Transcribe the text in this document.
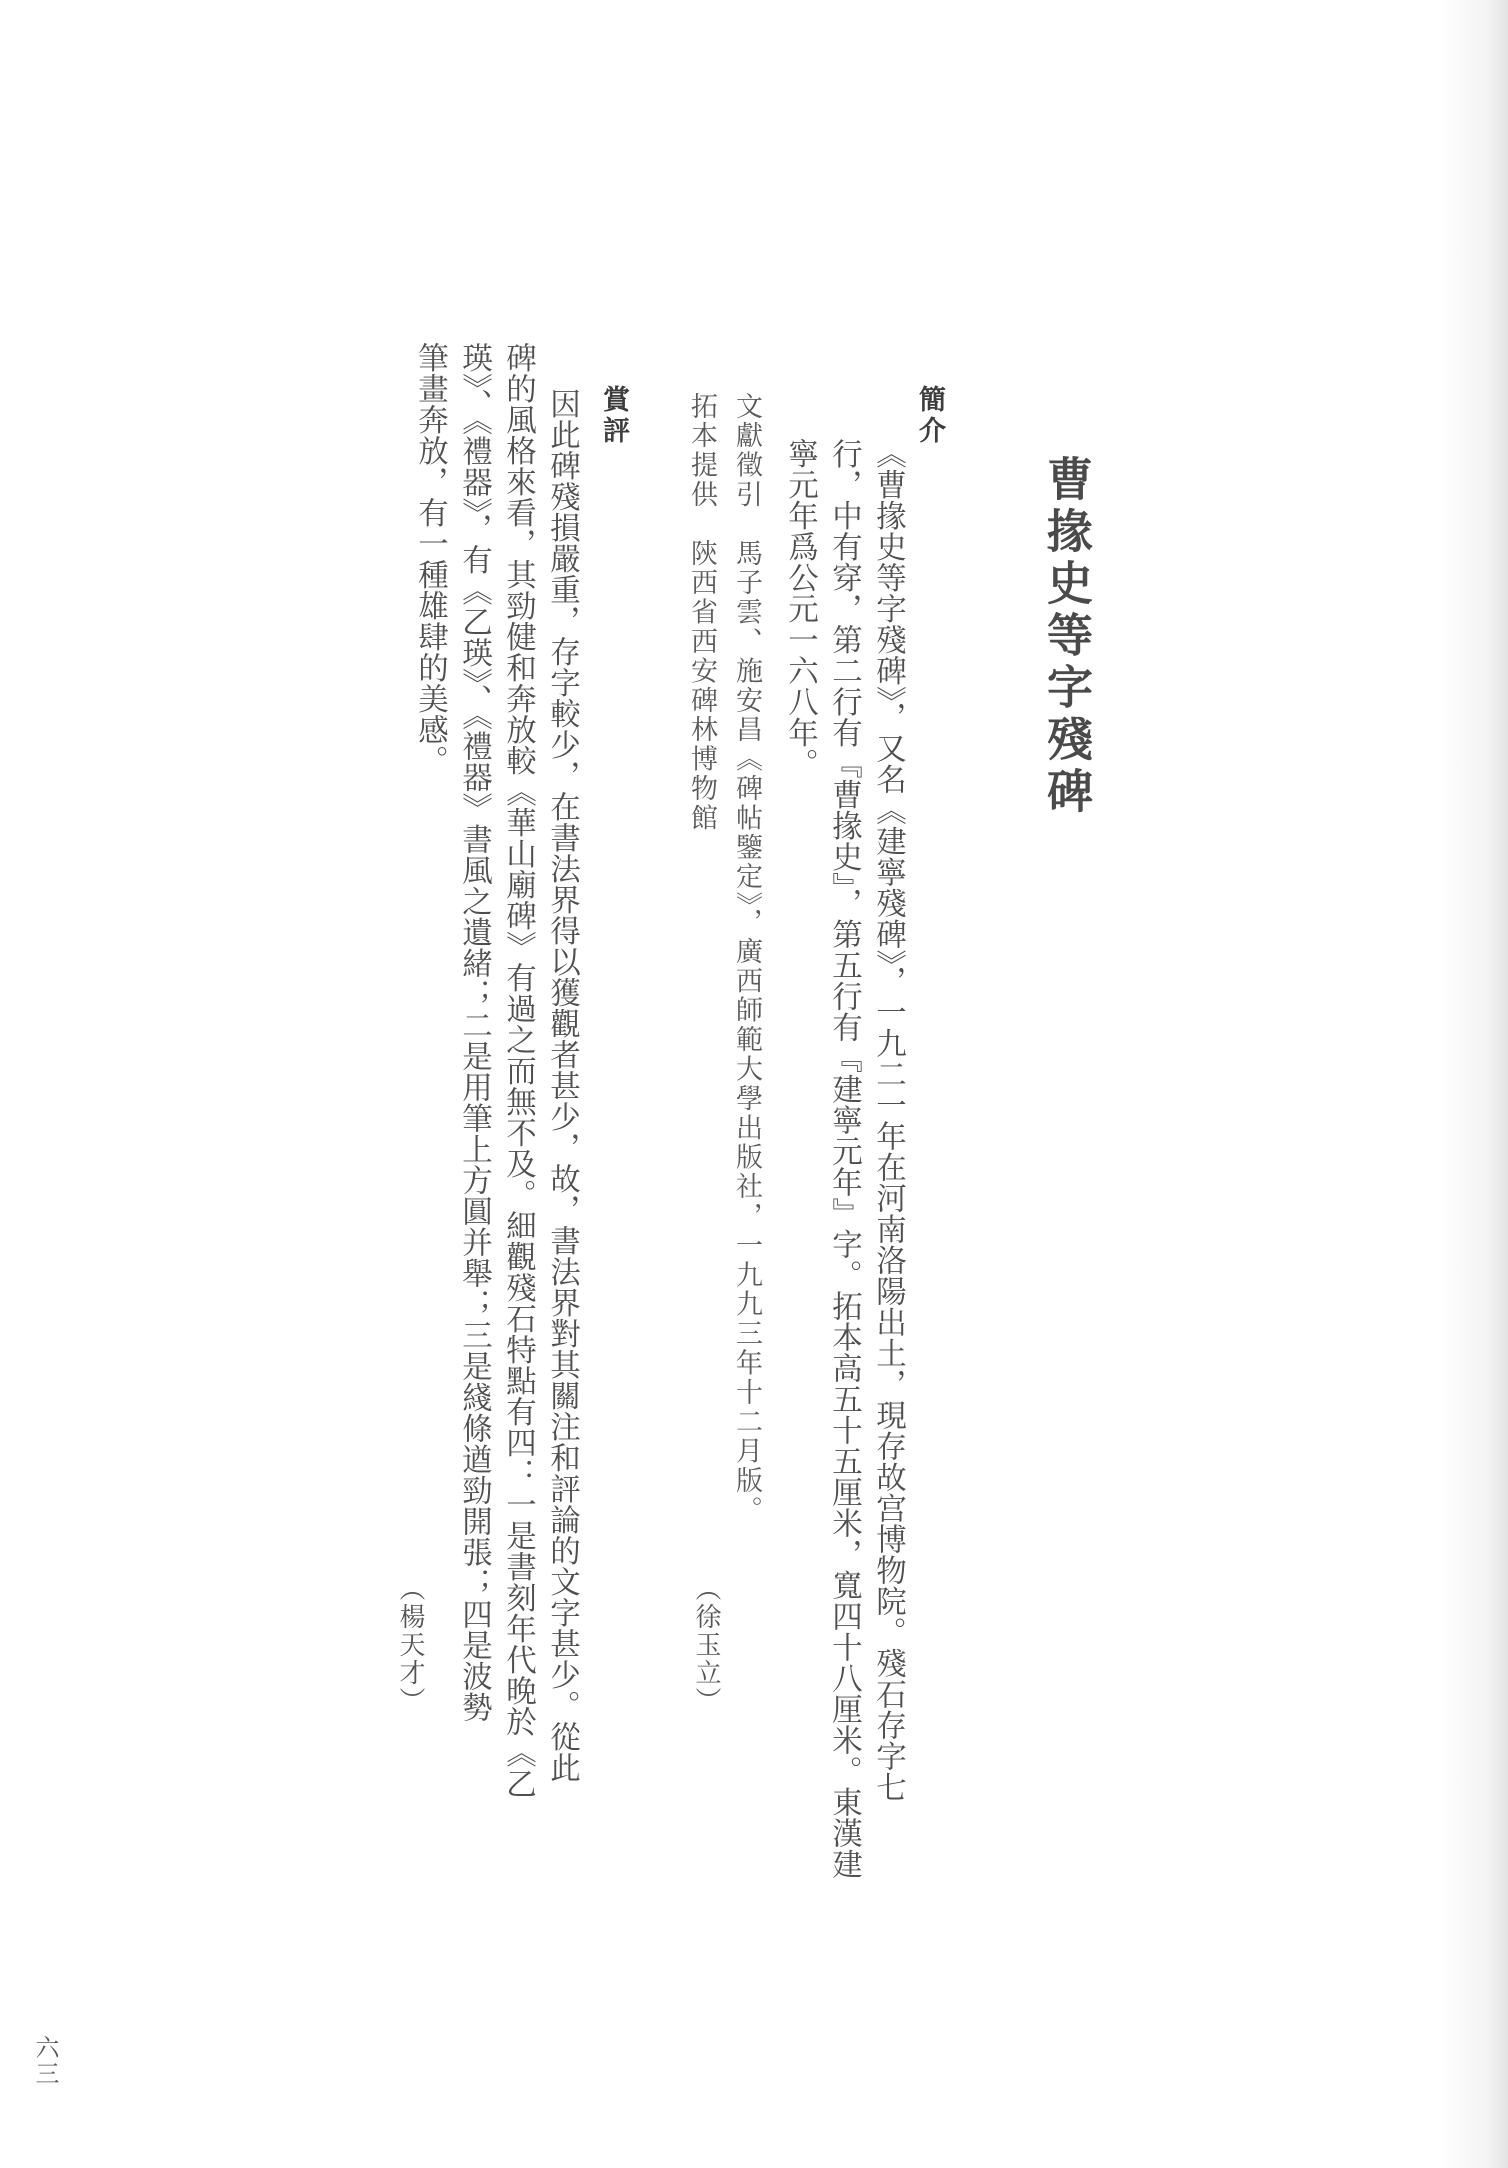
曹掾史等字殘碑
簡介
《曹掾史等字殘碑》，又名《建寧殘碑》，一九二一年在河南洛陽出土，現存故宫博物院。殘石存字七
行，中有穿，第二行有『曹掾史』，第五行有『建寧元年』字。拓本高五十五厘米，寬四十八厘米。東漢建
寧元年爲公元一六八年。
文獻徵引　馬子雲、施安昌《碑帖鑒定》，廣西師範大學出版社，一九九三年十二月版。
拓本提供　陝西省西安碑林博物館
（徐玉立）
賞評
因此碑殘損嚴重，存字較少，在書法界得以獲觀者甚少，故，書法界對其關注和評論的文字甚少。從此
碑的風格來看，其勁健和奔放較《華山廟碑》有過之而無不及。細觀殘石特點有四：一是書刻年代晚於《乙
瑛》、《禮器》，有《乙瑛》、《禮器》書風之遺緒；二是用筆上方圓并舉；三是綫條遒勁開張；四是波勢
筆畫奔放，有一種雄肆的美感。
（楊天才）
六三
